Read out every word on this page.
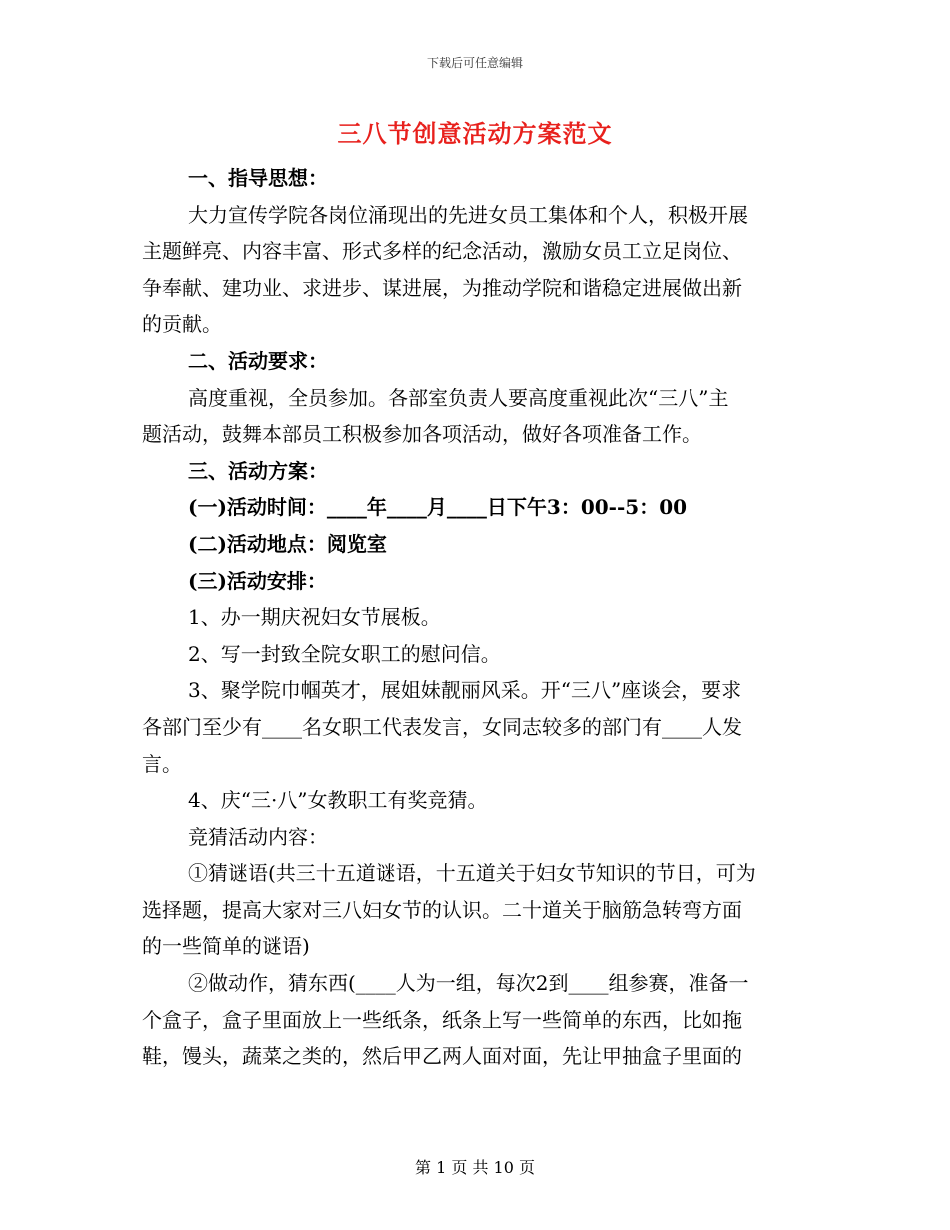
下载后可任意编辑
三八节创意活动方案范文
一、指导思想：
大力宣传学院各岗位涌现出的先进女员工集体和个人，积极开展
主题鲜亮、内容丰富、形式多样的纪念活动，激励女员工立足岗位、
争奉献、建功业、求进步、谋进展，为推动学院和谐稳定进展做出新
的贡献。
二、活动要求：
高度重视，全员参加。各部室负责人要高度重视此次“三八”主
题活动，鼓舞本部员工积极参加各项活动，做好各项准备工作。
三、活动方案：
(一)活动时间：____年____月____日下午3：00--5：00
(二)活动地点：阅览室
(三)活动安排：
1、办一期庆祝妇女节展板。
2、写一封致全院女职工的慰问信。
3、聚学院巾帼英才，展姐妹靓丽风采。开“三八”座谈会，要求
各部门至少有____名女职工代表发言，女同志较多的部门有____人发
言。
4、庆“三·八”女教职工有奖竞猜。
竞猜活动内容：
①猜谜语(共三十五道谜语，十五道关于妇女节知识的节日，可为
选择题，提高大家对三八妇女节的认识。二十道关于脑筋急转弯方面
的一些简单的谜语)
②做动作，猜东西(____人为一组，每次2到____组参赛，准备一
个盒子，盒子里面放上一些纸条，纸条上写一些简单的东西，比如拖
鞋，馒头，蔬菜之类的，然后甲乙两人面对面，先让甲抽盒子里面的
第 1 页 共 10 页
